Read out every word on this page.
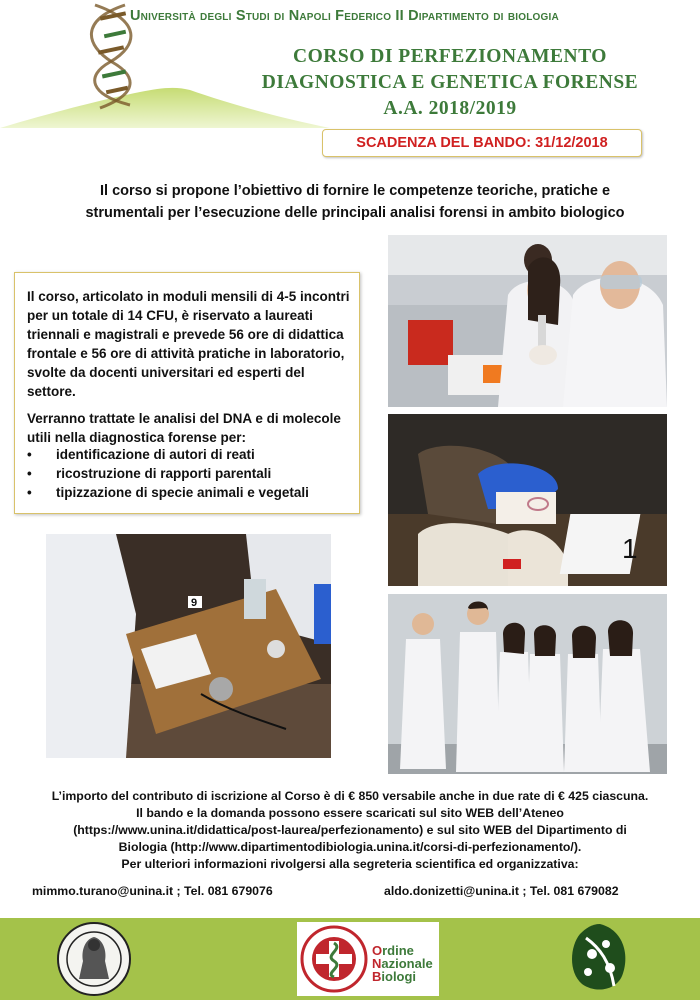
Università degli Studi di Napoli Federico II Dipartimento di biologia
CORSO DI PERFEZIONAMENTO
DIAGNOSTICA E GENETICA FORENSE
A.A. 2018/2019
SCADENZA DEL BANDO: 31/12/2018
Il corso si propone l’obiettivo di fornire le competenze teoriche, pratiche e
strumentali per l’esecuzione delle principali analisi forensi in ambito biologico

Il corso, articolato in moduli mensili di 4-5 incontri per un totale di 14 CFU, è riservato a laureati triennali e magistrali e prevede 56 ore di didattica frontale e 56 ore di attività pratiche in laboratorio, svolte da docenti universitari ed esperti del settore.

Verranno trattate le analisi del DNA e di molecole utili nella diagnostica forense per:

• identificazione di autori di reati
• ricostruzione di rapporti parentali
• tipizzazione di specie animali e vegetali
1
9
L’importo del contributo di iscrizione al Corso è di € 850 versabile anche in due rate di € 425 ciascuna.
Il bando e la domanda possono essere scaricati sul sito WEB dell’Ateneo
(https://www.unina.it/didattica/post-laurea/perfezionamento) e sul sito WEB del Dipartimento di
Biologia (http://www.dipartimentodibiologia.unina.it/corsi-di-perfezionamento/).
Per ulteriori informazioni rivolgersi alla segreteria scientifica ed organizzativa:
mimmo.turano@unina.it ; Tel. 081 679076	aldo.donizetti@unina.it ; Tel. 081 679082
Ordine
Nazionale
Biologi
